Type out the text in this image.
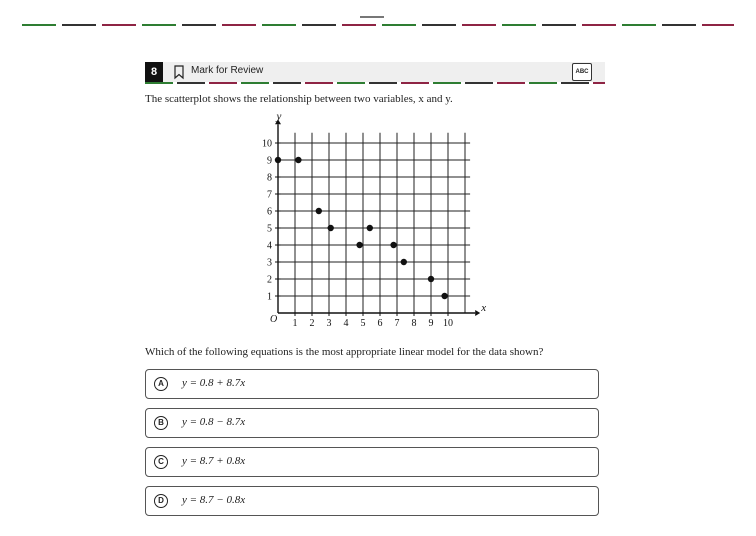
8	Mark for Review	ABC
The scatterplot shows the relationship between two variables, x and y.
1 2 3 4 5 6 7 8 9 10
1
2
3
4
5
6
7
8
9
10
O
x
y
Which of the following equations is the most appropriate linear model for the data shown?
A	y = 0.8 + 8.7x
B	y = 0.8 − 8.7x
C	y = 8.7 + 0.8x
D	y = 8.7 − 0.8x
